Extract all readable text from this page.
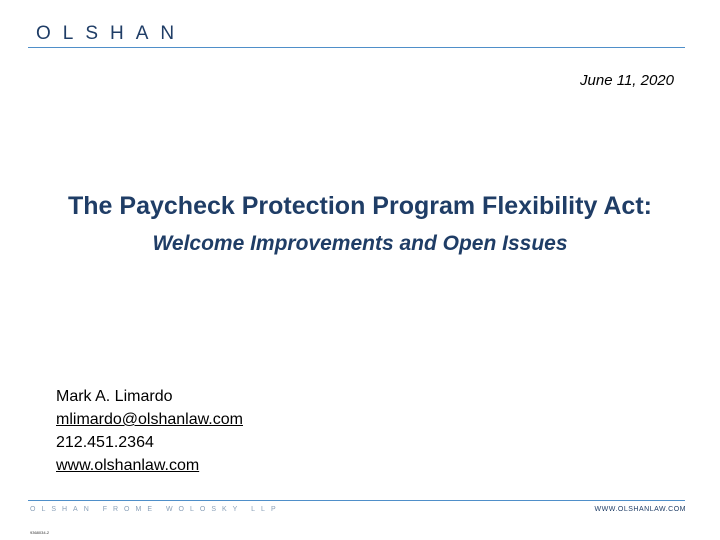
OLSHAN
June 11, 2020
The Paycheck Protection Program Flexibility Act:
Welcome Improvements and Open Issues
Mark A. Limardo
mlimardo@olshanlaw.com
212.451.2364
www.olshanlaw.com
OLSHAN FROME WOLOSKY LLP	WWW.OLSHANLAW.COM
9368034-2
